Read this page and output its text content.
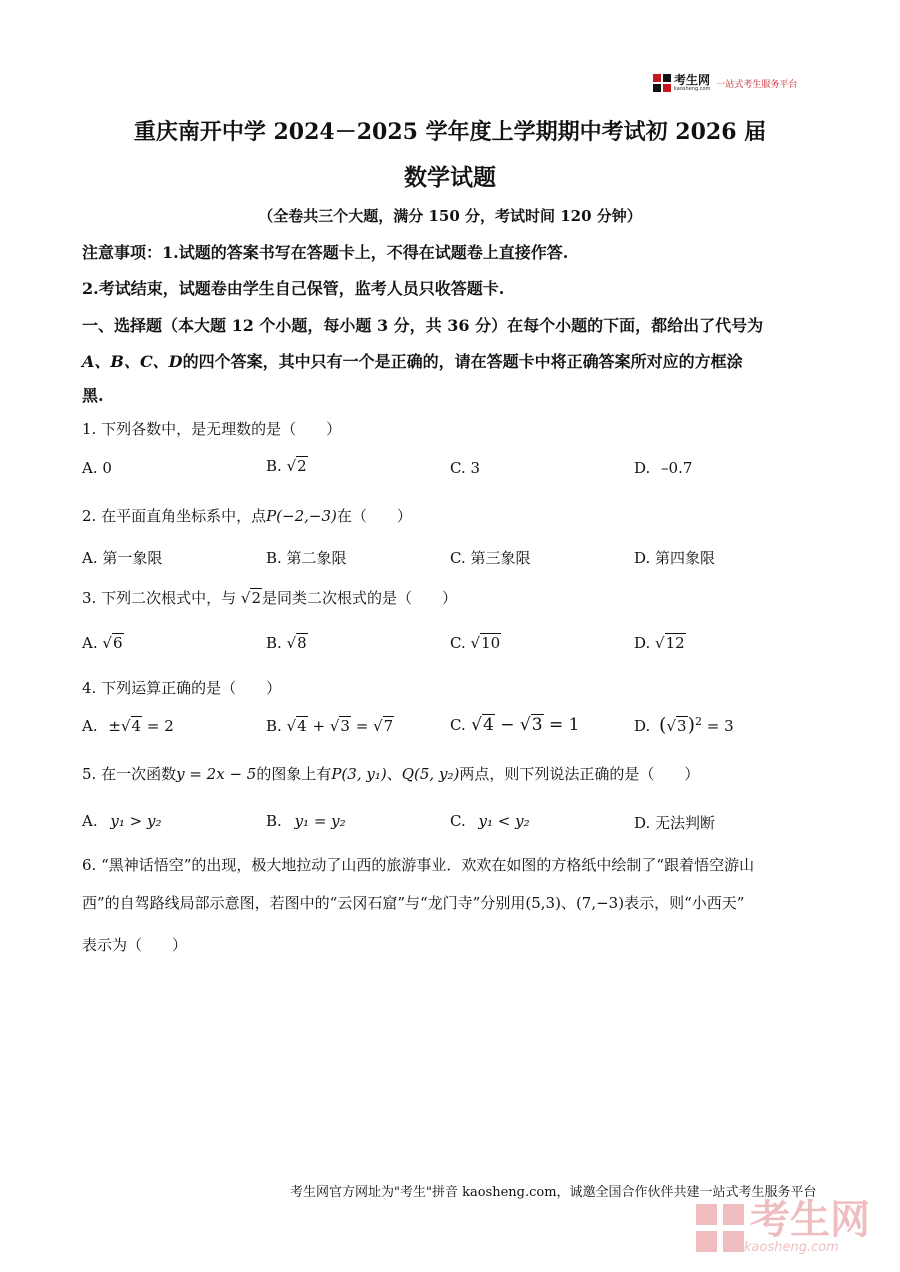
考生网
kaosheng.com 一站式考生服务平台
重庆南开中学 2024－2025 学年度上学期期中考试初 2026 届
数学试题
（全卷共三个大题，满分 150 分，考试时间 120 分钟）
注意事项：1.试题的答案书写在答题卡上，不得在试题卷上直接作答.
2.考试结束，试题卷由学生自己保管，监考人员只收答题卡.
一、选择题（本大题 12 个小题，每小题 3 分，共 36 分）在每个小题的下面，都给出了代号为
A、B、C、D的四个答案，其中只有一个是正确的，请在答题卡中将正确答案所对应的方框涂
黑.
1. 下列各数中，是无理数的是（　　）
A. 0	B. √2	C. 3	D. –0.7
2. 在平面直角坐标系中，点P(−2,−3)在（　　）
A. 第一象限	B. 第二象限	C. 第三象限	D. 第四象限
3. 下列二次根式中，与 √2是同类二次根式的是（　　）
A. √6	B. √8	C. √10	D. √12
4. 下列运算正确的是（　　）
A. ±√4 = 2	B. √4 + √3 = √7	C. √4 − √3 = 1	D. $(√3)^2 = 3$
5. 在一次函数y = 2x − 5的图象上有P(3, y₁)、Q(5, y₂)两点，则下列说法正确的是（　　）
A. y₁ > y₂	B. y₁ = y₂	C. y₁ < y₂	D. 无法判断
6. “黑神话悟空”的出现，极大地拉动了山西的旅游事业．欢欢在如图的方格纸中绘制了“跟着悟空游山
西”的自驾路线局部示意图，若图中的“云冈石窟”与“龙门寺”分别用(5,3)、(7,−3)表示，则“小西天”
表示为（　　）
考生网官方网址为"考生"拼音 kaosheng.com，诚邀全国合作伙伴共建一站式考生服务平台
考生网
kaosheng.com
